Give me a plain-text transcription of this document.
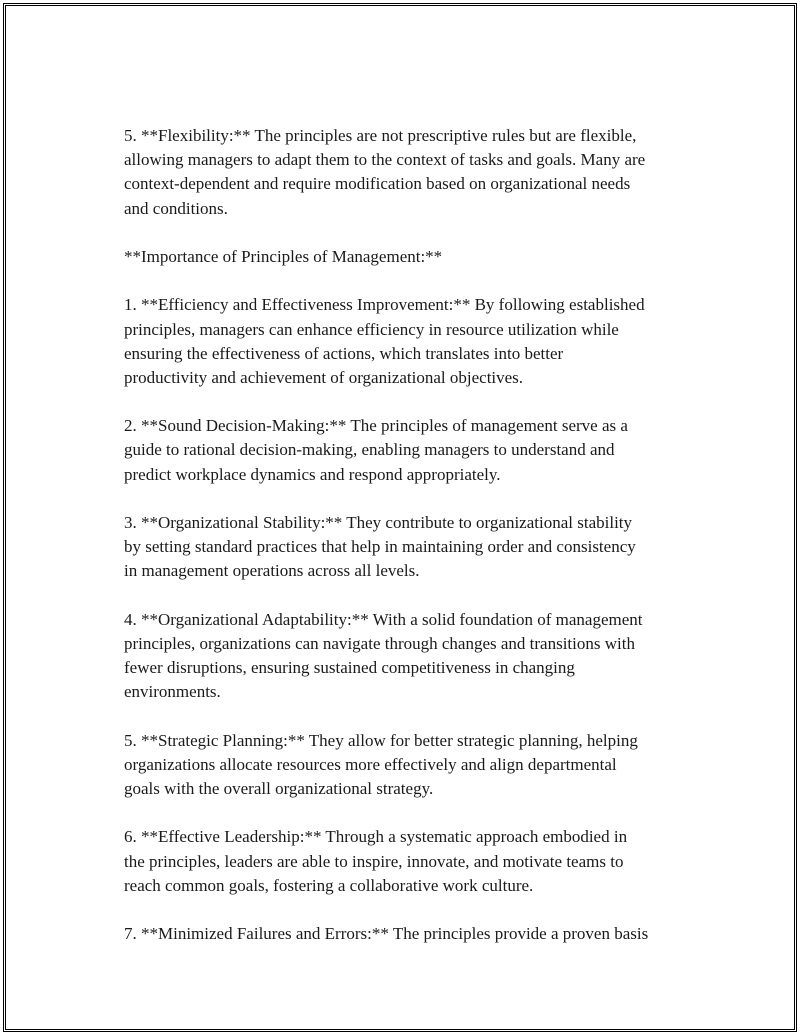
5. **Flexibility:** The principles are not prescriptive rules but are flexible,
allowing managers to adapt them to the context of tasks and goals. Many are
context-dependent and require modification based on organizational needs
and conditions.
**Importance of Principles of Management:**
1. **Efficiency and Effectiveness Improvement:** By following established
principles, managers can enhance efficiency in resource utilization while
ensuring the effectiveness of actions, which translates into better
productivity and achievement of organizational objectives.
2. **Sound Decision-Making:** The principles of management serve as a
guide to rational decision-making, enabling managers to understand and
predict workplace dynamics and respond appropriately.
3. **Organizational Stability:** They contribute to organizational stability
by setting standard practices that help in maintaining order and consistency
in management operations across all levels.
4. **Organizational Adaptability:** With a solid foundation of management
principles, organizations can navigate through changes and transitions with
fewer disruptions, ensuring sustained competitiveness in changing
environments.
5. **Strategic Planning:** They allow for better strategic planning, helping
organizations allocate resources more effectively and align departmental
goals with the overall organizational strategy.
6. **Effective Leadership:** Through a systematic approach embodied in
the principles, leaders are able to inspire, innovate, and motivate teams to
reach common goals, fostering a collaborative work culture.
7. **Minimized Failures and Errors:** The principles provide a proven basis
